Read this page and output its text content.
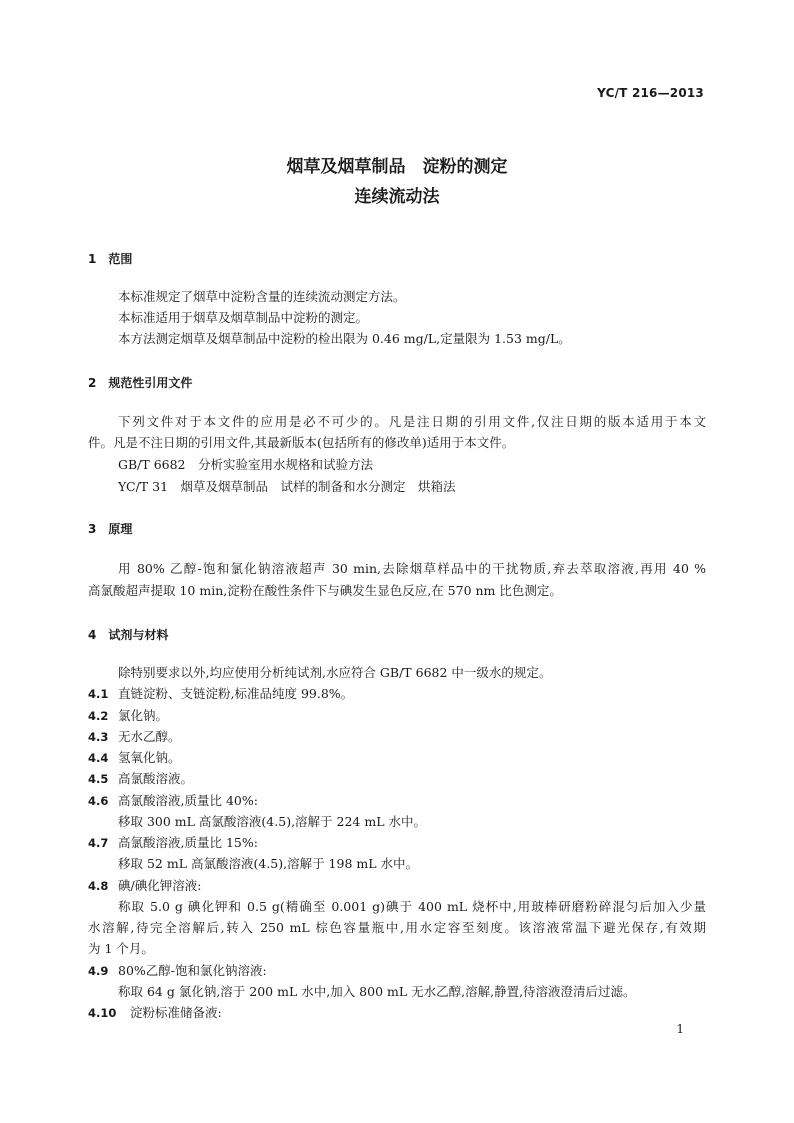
YC/T 216—2013
烟草及烟草制品　淀粉的测定
连续流动法
1　范围
本标准规定了烟草中淀粉含量的连续流动测定方法。
本标准适用于烟草及烟草制品中淀粉的测定。
本方法测定烟草及烟草制品中淀粉的检出限为 0.46 mg/L,定量限为 1.53 mg/L。
2　规范性引用文件
下列文件对于本文件的应用是必不可少的。凡是注日期的引用文件,仅注日期的版本适用于本文
件。凡是不注日期的引用文件,其最新版本(包括所有的修改单)适用于本文件。
GB/T 6682　分析实验室用水规格和试验方法
YC/T 31　烟草及烟草制品　试样的制备和水分测定　烘箱法
3　原理
用 80% 乙醇-饱和氯化钠溶液超声 30 min,去除烟草样品中的干扰物质,弃去萃取溶液,再用 40 %
高氯酸超声提取 10 min,淀粉在酸性条件下与碘发生显色反应,在 570 nm 比色测定。
4　试剂与材料
除特别要求以外,均应使用分析纯试剂,水应符合 GB/T 6682 中一级水的规定。
4.1 直链淀粉、支链淀粉,标准品纯度 99.8%。
4.2 氯化钠。
4.3 无水乙醇。
4.4 氢氧化钠。
4.5 高氯酸溶液。
4.6 高氯酸溶液,质量比 40%:
移取 300 mL 高氯酸溶液(4.5),溶解于 224 mL 水中。
4.7 高氯酸溶液,质量比 15%:
移取 52 mL 高氯酸溶液(4.5),溶解于 198 mL 水中。
4.8 碘/碘化钾溶液:
称取 5.0 g 碘化钾和 0.5 g(精确至 0.001 g)碘于 400 mL 烧杯中,用玻棒研磨粉碎混匀后加入少量
水溶解,待完全溶解后,转入 250 mL 棕色容量瓶中,用水定容至刻度。该溶液常温下避光保存,有效期
为 1 个月。
4.9 80%乙醇-饱和氯化钠溶液:
称取 64 g 氯化钠,溶于 200 mL 水中,加入 800 mL 无水乙醇,溶解,静置,待溶液澄清后过滤。
4.10 淀粉标准储备液:
1
